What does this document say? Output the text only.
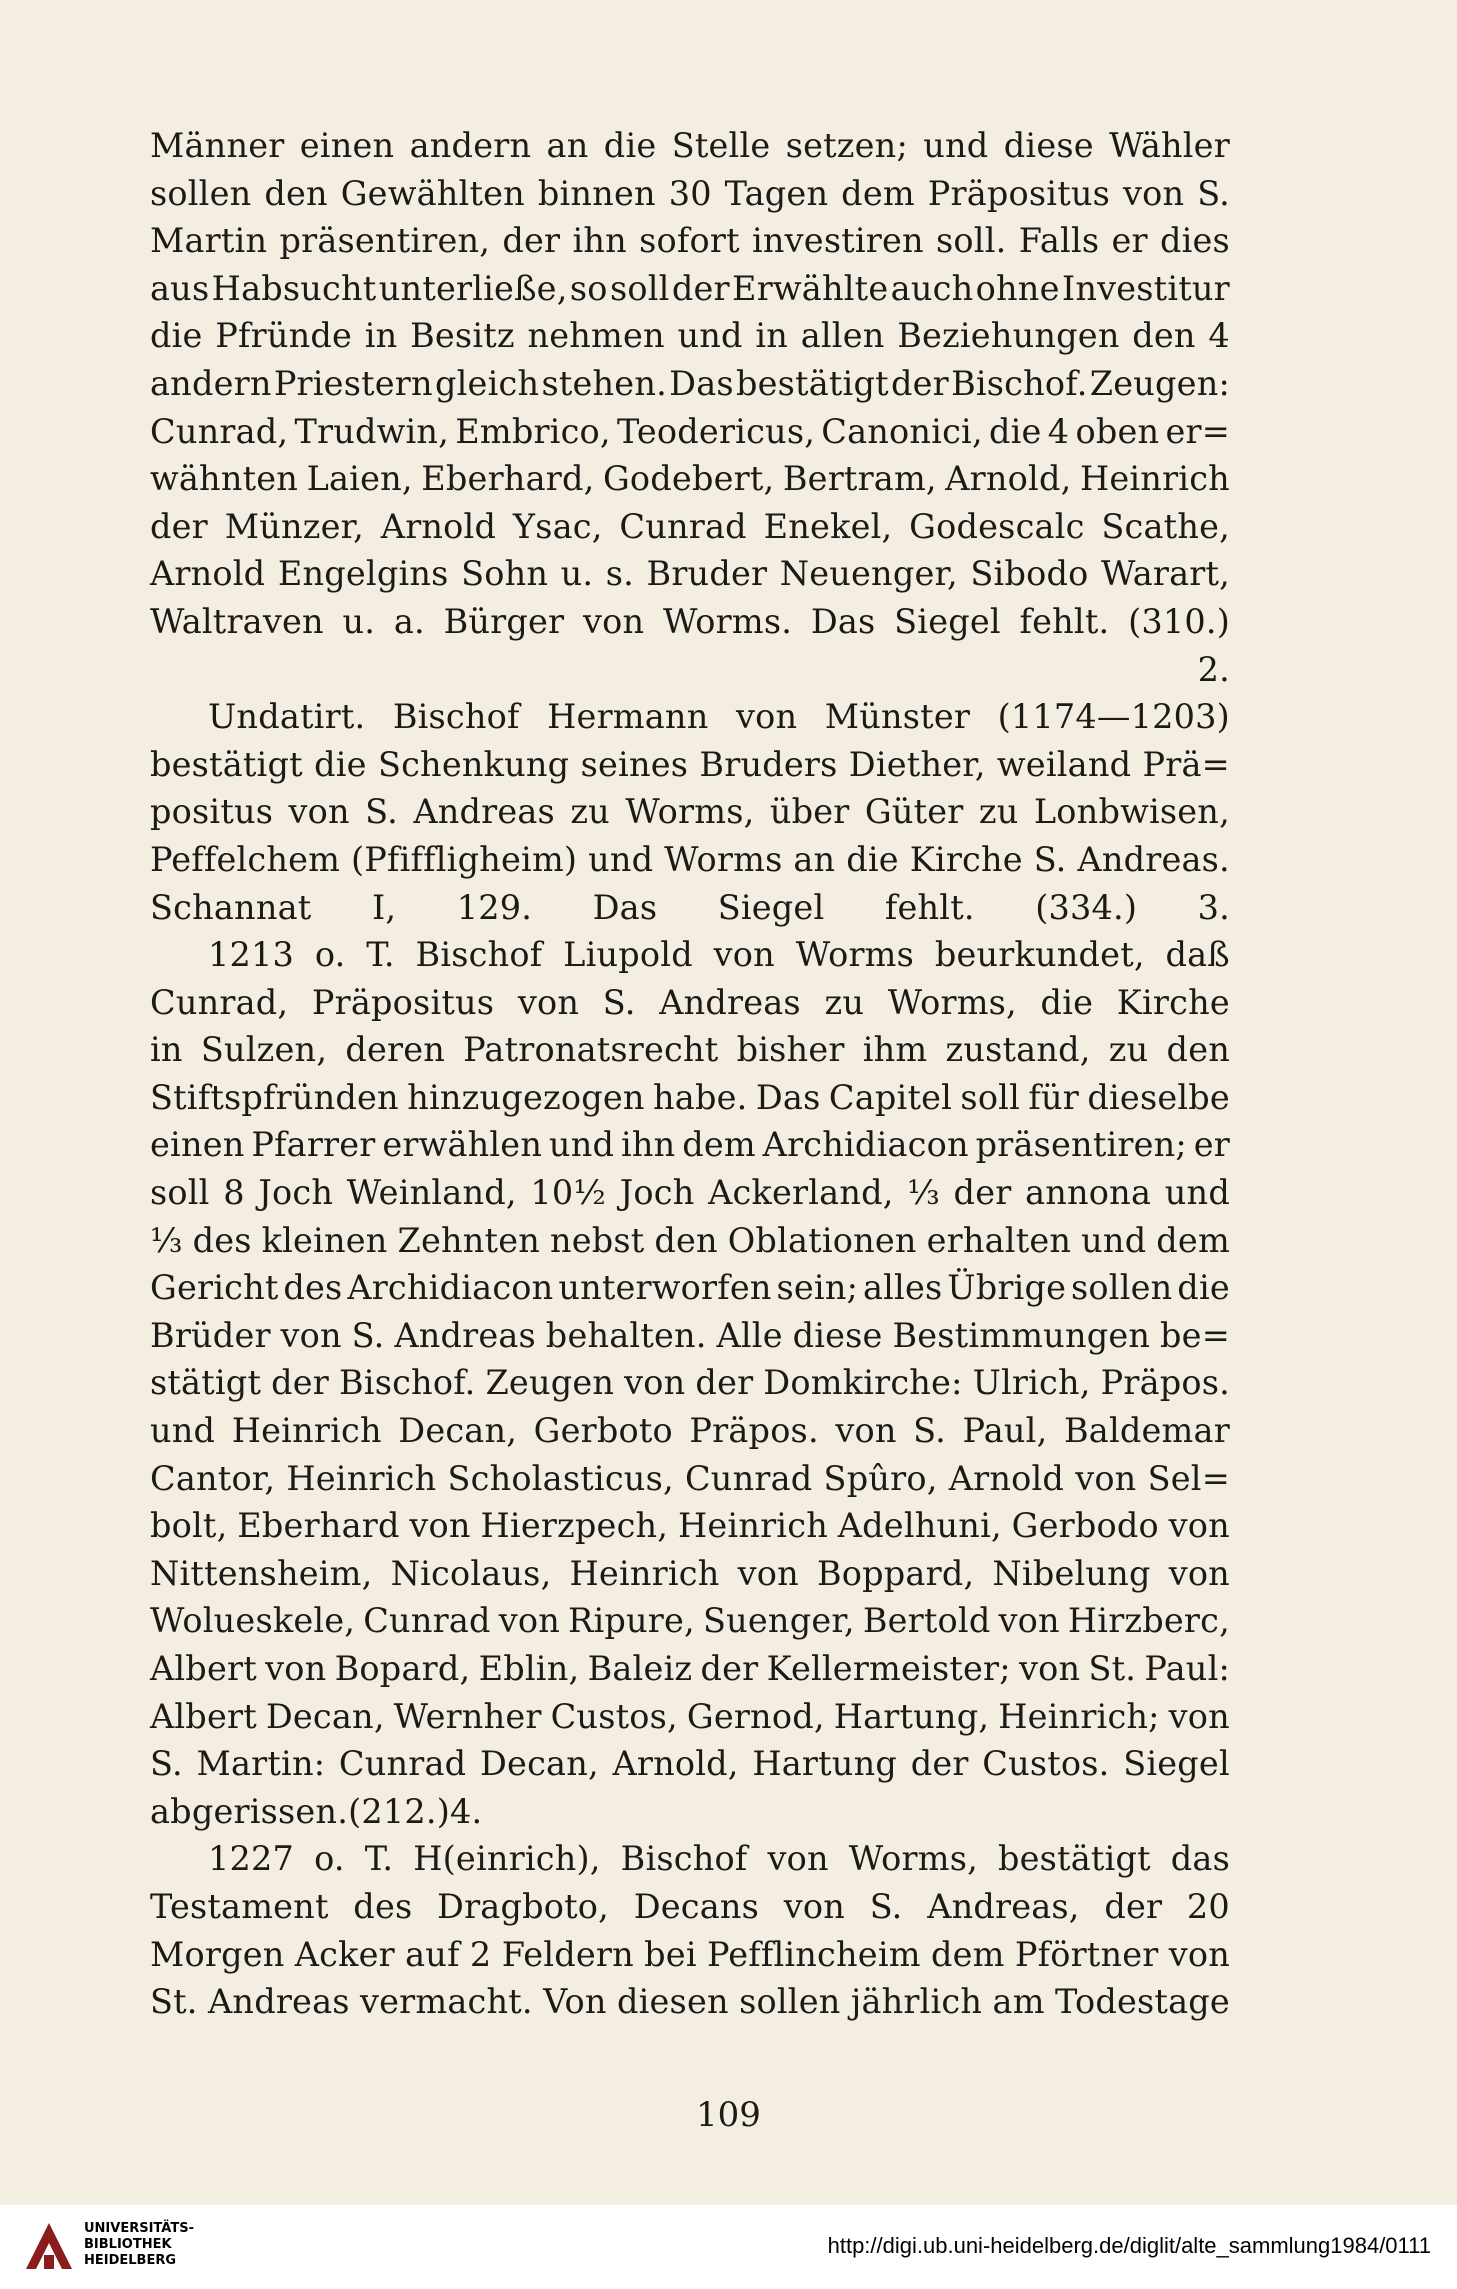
Männer einen andern an die Stelle setzen; und diese Wähler
sollen den Gewählten binnen 30 Tagen dem Präpositus von S.
Martin präsentiren, der ihn sofort investiren soll. Falls er dies
aus Habsucht unterließe, so soll der Erwählte auch ohne Investitur
die Pfründe in Besitz nehmen und in allen Beziehungen den 4
andern Priestern gleich stehen. Das bestätigt der Bischof. Zeugen:
Cunrad, Trudwin, Embrico, Teodericus, Canonici, die 4 oben er=
wähnten Laien, Eberhard, Godebert, Bertram, Arnold, Heinrich
der Münzer, Arnold Ysac, Cunrad Enekel, Godescalc Scathe,
Arnold Engelgins Sohn u. s. Bruder Neuenger, Sibodo Warart,
Waltraven u. a. Bürger von Worms. Das Siegel fehlt. (310.)
2.
Undatirt. Bischof Hermann von Münster (1174—1203)
bestätigt die Schenkung seines Bruders Diether, weiland Prä=
positus von S. Andreas zu Worms, über Güter zu Lonbwisen,
Peffelchem (Pfiffligheim) und Worms an die Kirche S. Andreas.
Schannat I, 129. Das Siegel fehlt. (334.) 3.
1213 o. T. Bischof Liupold von Worms beurkundet, daß
Cunrad, Präpositus von S. Andreas zu Worms, die Kirche
in Sulzen, deren Patronatsrecht bisher ihm zustand, zu den
Stiftspfründen hinzugezogen habe. Das Capitel soll für dieselbe
einen Pfarrer erwählen und ihn dem Archidiacon präsentiren; er
soll 8 Joch Weinland, 10½ Joch Ackerland, ⅓ der annona und
⅓ des kleinen Zehnten nebst den Oblationen erhalten und dem
Gericht des Archidiacon unterworfen sein; alles Übrige sollen die
Brüder von S. Andreas behalten. Alle diese Bestimmungen be=
stätigt der Bischof. Zeugen von der Domkirche: Ulrich, Präpos.
und Heinrich Decan, Gerboto Präpos. von S. Paul, Baldemar
Cantor, Heinrich Scholasticus, Cunrad Spûro, Arnold von Sel=
bolt, Eberhard von Hierzpech, Heinrich Adelhuni, Gerbodo von
Nittensheim, Nicolaus, Heinrich von Boppard, Nibelung von
Wolueskele, Cunrad von Ripure, Suenger, Bertold von Hirzberc,
Albert von Bopard, Eblin, Baleiz der Kellermeister; von St. Paul:
Albert Decan, Wernher Custos, Gernod, Hartung, Heinrich; von
S. Martin: Cunrad Decan, Arnold, Hartung der Custos. Siegel
abgerissen. (212.) 4.
1227 o. T. H(einrich), Bischof von Worms, bestätigt das
Testament des Dragboto, Decans von S. Andreas, der 20
Morgen Acker auf 2 Feldern bei Pefflincheim dem Pförtner von
St. Andreas vermacht. Von diesen sollen jährlich am Todestage
109
UNIVERSITÄTS-
BIBLIOTHEK
HEIDELBERG
http://digi.ub.uni-heidelberg.de/diglit/alte_sammlung1984/0111
